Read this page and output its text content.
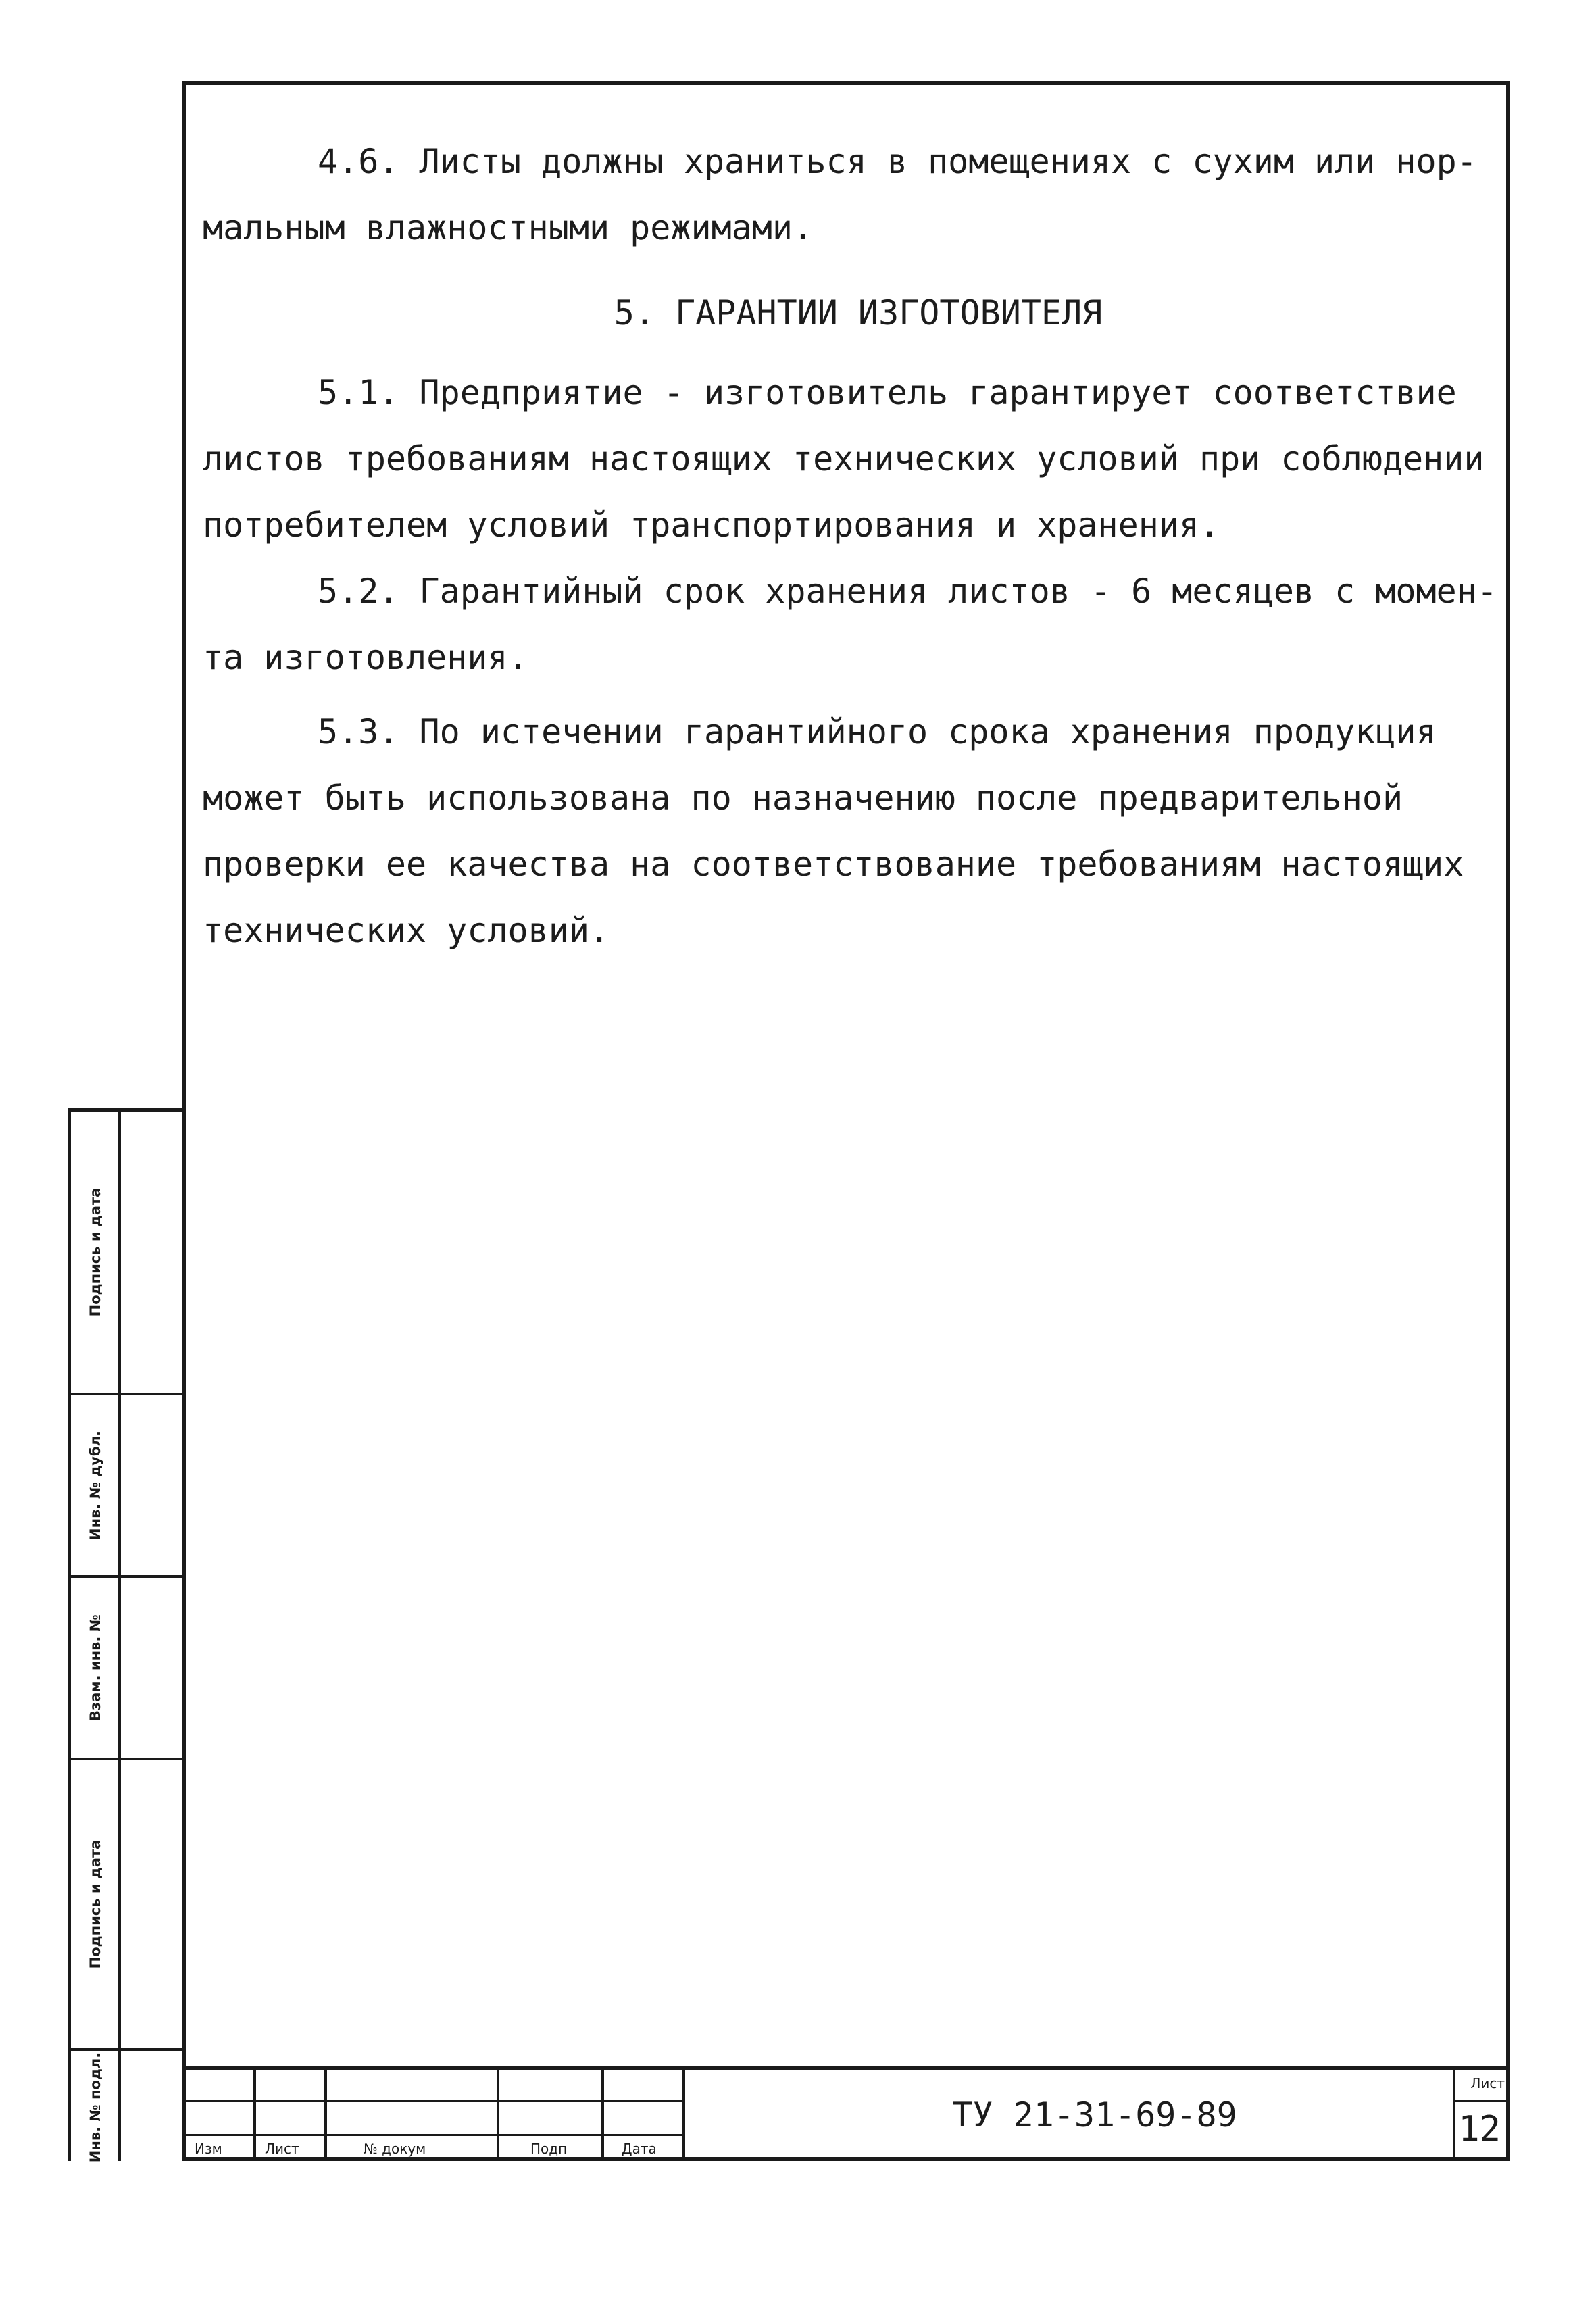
4.6. Листы должны храниться в помещениях с сухим или нор-

мальным влажностными режимами.

5. ГАРАНТИИ ИЗГОТОВИТЕЛЯ

5.1. Предприятие - изготовитель гарантирует соответствие

листов требованиям настоящих технических условий при соблюдении

потребителем условий транспортирования и хранения.

5.2. Гарантийный срок хранения листов - 6 месяцев с момен-

та изготовления.

5.3. По истечении гарантийного срока хранения продукция

может быть использована по назначению после предварительной

проверки ее качества на соответствование требованиям настоящих

технических условий.

Подпись и дата
Инв. № дубл.
Взам. инв. №
Подпись и дата
Инв. № подл.	Изм	Лист	№ докум	Подп	Дата
ТУ 21-31-69-89
Лист
12
